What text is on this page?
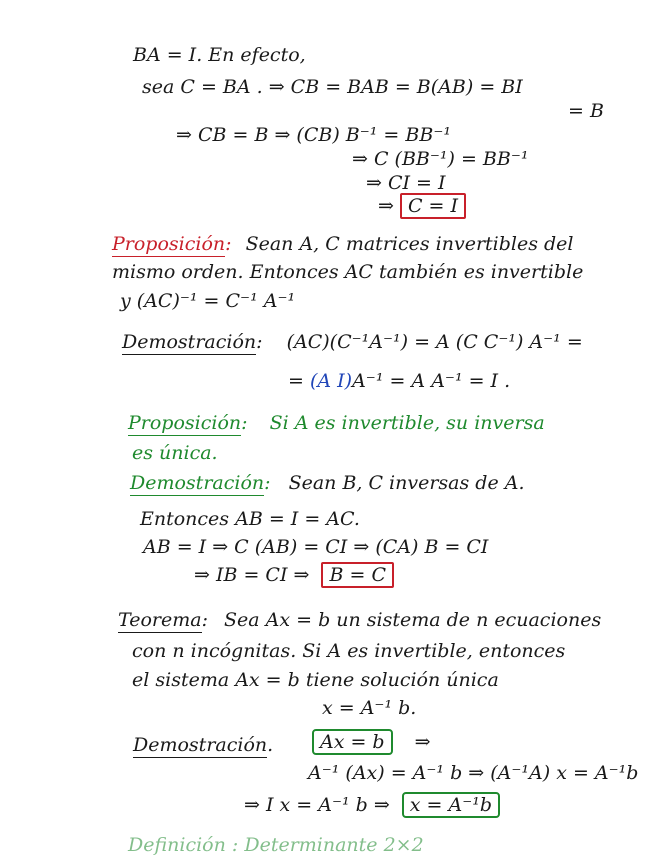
BA = I. En efecto,
sea C = BA . ⇒ CB = BAB = B(AB) = BI
= B
⇒ CB = B ⇒ (CB) B⁻¹ = BB⁻¹
⇒ C (BB⁻¹) = BB⁻¹
⇒ CI = I
⇒ C = I
Proposición: Sean A, C matrices invertibles del
mismo orden. Entonces AC también es invertible
y (AC)⁻¹ = C⁻¹ A⁻¹
Demostración: (AC)(C⁻¹A⁻¹) = A (C C⁻¹) A⁻¹ =
= (A I)A⁻¹ = A A⁻¹ = I .
Proposición: Si A es invertible, su inversa
es única.
Demostración: Sean B, C inversas de A.
Entonces AB = I = AC.
AB = I ⇒ C (AB) = CI ⇒ (CA) B = CI
⇒ IB = CI ⇒ B = C
Teorema: Sea Ax = b un sistema de n ecuaciones
con n incógnitas. Si A es invertible, entonces
el sistema Ax = b tiene solución única
x = A⁻¹ b.
Demostración.	Ax = b ⇒
A⁻¹ (Ax) = A⁻¹ b ⇒ (A⁻¹A) x = A⁻¹b
⇒ I x = A⁻¹ b ⇒ x = A⁻¹b
Definición : Determinante 2×2
